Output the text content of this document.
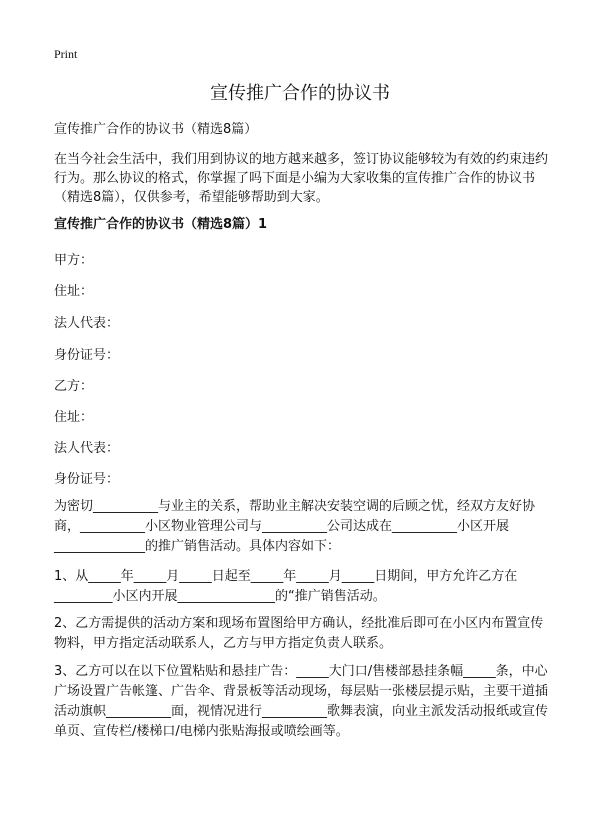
Print
宣传推广合作的协议书

宣传推广合作的协议书（精选8篇）

在当今社会生活中，我们用到协议的地方越来越多，签订协议能够较为有效的约束违约行为。那么协议的格式，你掌握了吗下面是小编为大家收集的宣传推广合作的协议书（精选8篇），仅供参考，希望能够帮助到大家。

宣传推广合作的协议书（精选8篇）1

甲方：

住址：

法人代表：

身份证号：

乙方：

住址：

法人代表：

身份证号：

为密切__________与业主的关系，帮助业主解决安装空调的后顾之忧，经双方友好协商，__________小区物业管理公司与__________公司达成在__________小区开展______________的推广销售活动。具体内容如下：

1、从_____年_____月_____日起至_____年_____月_____日期间，甲方允许乙方在_________小区内开展_______________的“推广销售活动。

2、乙方需提供的活动方案和现场布置图给甲方确认，经批准后即可在小区内布置宣传物料，甲方指定活动联系人，乙方与甲方指定负责人联系。

3、乙方可以在以下位置粘贴和悬挂广告：_____大门口/售楼部悬挂条幅_____条，中心广场设置广告帐篷、广告伞、背景板等活动现场，每层贴一张楼层提示贴，主要干道插活动旗帜__________面，视情况进行__________歌舞表演，向业主派发活动报纸或宣传单页、宣传栏/楼梯口/电梯内张贴海报或喷绘画等。
